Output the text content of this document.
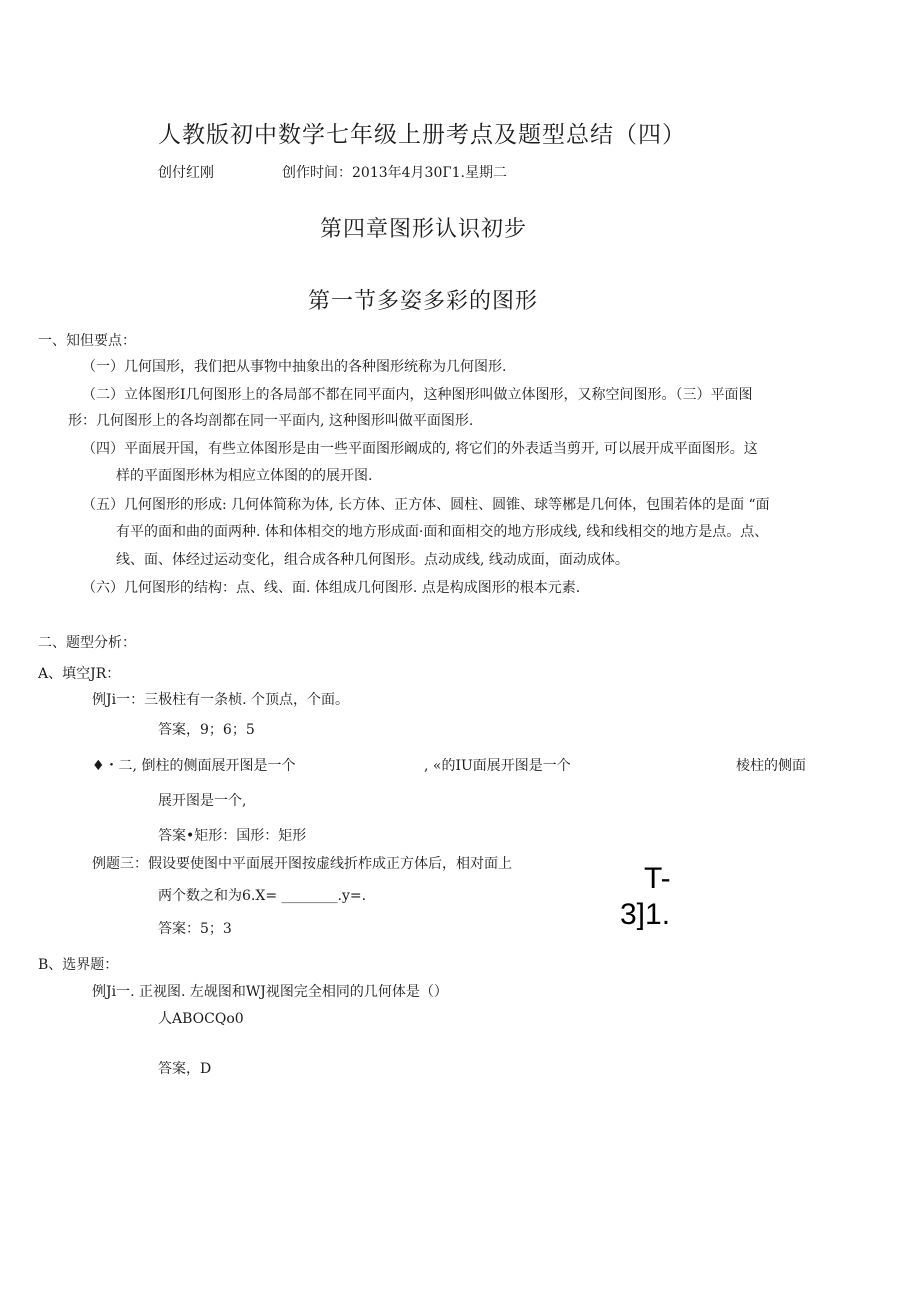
人教版初中数学七年级上册考点及题型总结（四）
创付红刚	创作时间：2013年4月30Г1.星期二
第四章图形认识初步
第一节多姿多彩的图形
一、知但要点：
（一）几何国形，我们把从事物中抽象出的各种图形统称为几何图形.
（二）立体图形I几何图形上的各局部不都在同平面内，这种图形叫做立体图形，又称空间图形。（三）平面图
形：几何图形上的各均剖都在同一平面内, 这种图形叫做平面图形.
（四）平面展开国，有些立体图形是由一些平面图形阚成的, 将它们的外表适当剪开, 可以展开成平面图形。这
样的平面图形林为相应立体图的的展开图.
（五）几何图形的形成: 几何体简称为体, 长方体、正方体、圆柱、圆锥、球等郴是几何体，包围若体的是面 “面
有平的面和曲的面两种. 体和体相交的地方形成面·面和面相交的地方形成线, 线和线相交的地方是点。点、
线、面、体经过运动变化，组合成各种几何图形。点动成线, 线动成面，面动成体。
（六）几何图形的结构：点、线、面. 体组成几何图形. 点是构成图形的根本元素.
二、题型分析：
A、填空JR：
例Ji一：三极柱有一条桢. 个顶点，个面。
答案，9；6；5
♦・二, 倒柱的侧面展开图是一个	, «的IU面展开图是一个	棱柱的侧面
展开图是一个,
答案•矩形：国形：矩形
例题三：假设要使图中平面展开图按虚线折柞成正方体后，相对面上
两个数之和为6.X= ________.y=.
答案：5；3
T-
3]1.
B、选界题：
例Ji一. 正视图. 左觇图和WJ视图完全相同的几何体是（）
人ABOCQo0
答案，D
